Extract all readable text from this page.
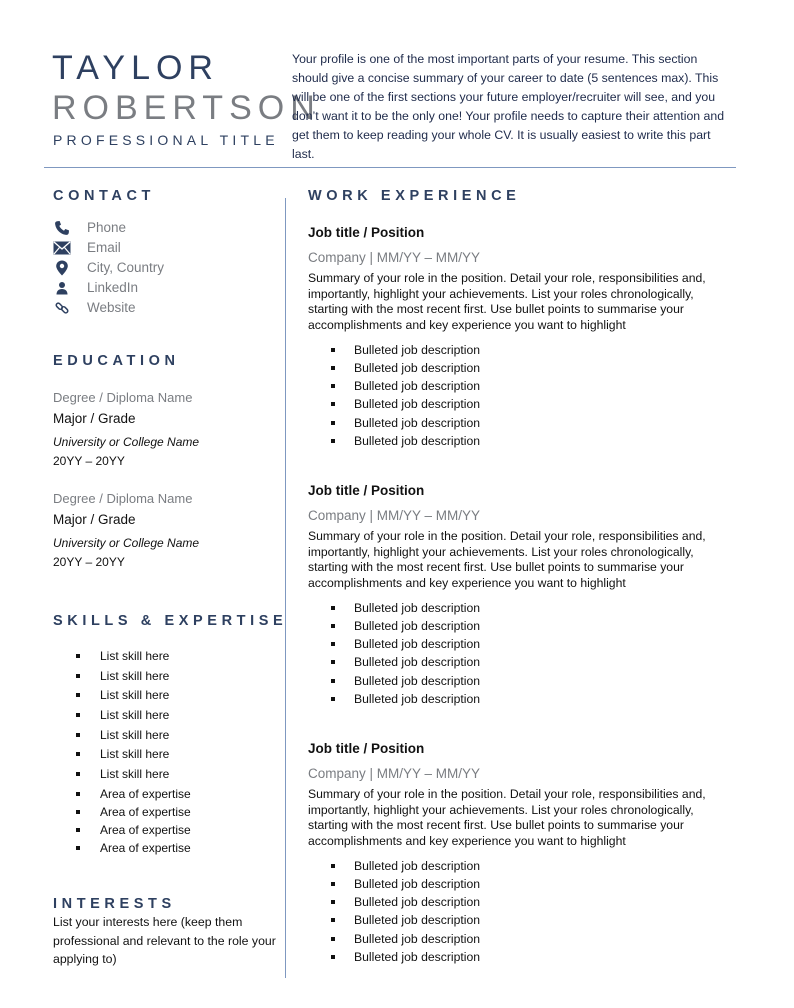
TAYLOR
ROBERTSON
PROFESSIONAL TITLE
Your profile is one of the most important parts of your resume. This section should give a concise summary of your career to date (5 sentences max). This will be one of the first sections your future employer/recruiter will see, and you don’t want it to be the only one! Your profile needs to capture their attention and get them to keep reading your whole CV. It is usually easiest to write this part last.
CONTACT
Phone
Email
City, Country
LinkedIn
Website
EDUCATION
Degree / Diploma Name
Major / Grade
University or College Name
20YY – 20YY
Degree / Diploma Name
Major / Grade
University or College Name
20YY – 20YY
SKILLS & EXPERTISE
List skill here
List skill here
List skill here
List skill here
List skill here
List skill here
List skill here
Area of expertise
Area of expertise
Area of expertise
Area of expertise
INTERESTS
List your interests here (keep them professional and relevant to the role your applying to)
WORK EXPERIENCE
Job title / Position
Company | MM/YY – MM/YY
Summary of your role in the position. Detail your role, responsibilities and, importantly, highlight your achievements. List your roles chronologically, starting with the most recent first. Use bullet points to summarise your accomplishments and key experience you want to highlight
Bulleted job description
Bulleted job description
Bulleted job description
Bulleted job description
Bulleted job description
Bulleted job description
Job title / Position
Company | MM/YY – MM/YY
Summary of your role in the position. Detail your role, responsibilities and, importantly, highlight your achievements. List your roles chronologically, starting with the most recent first. Use bullet points to summarise your accomplishments and key experience you want to highlight
Bulleted job description
Bulleted job description
Bulleted job description
Bulleted job description
Bulleted job description
Bulleted job description
Job title / Position
Company | MM/YY – MM/YY
Summary of your role in the position. Detail your role, responsibilities and, importantly, highlight your achievements. List your roles chronologically, starting with the most recent first. Use bullet points to summarise your accomplishments and key experience you want to highlight
Bulleted job description
Bulleted job description
Bulleted job description
Bulleted job description
Bulleted job description
Bulleted job description
